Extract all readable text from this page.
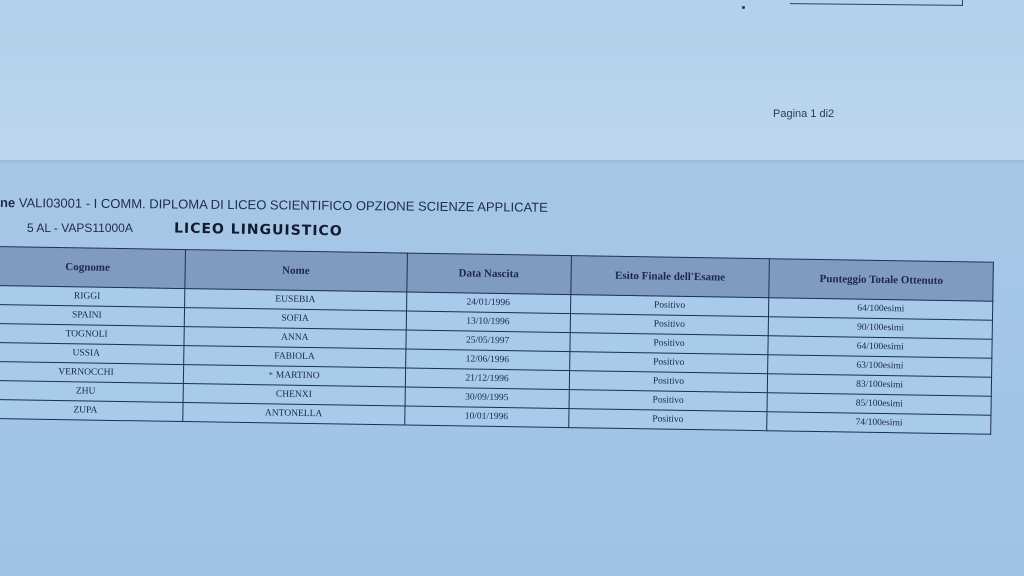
Pagina 1 di2
ne VALI03001 - I COMM. DIPLOMA DI LICEO SCIENTIFICO OPZIONE SCIENZE APPLICATE
5 AL - VAPS11000A	LICEO LINGUISTICO
Cognome	Nome	Data Nascita	Esito Finale dell'Esame	Punteggio Totale Ottenuto
RIGGI	EUSEBIA	24/01/1996	Positivo	64/100esimi
SPAINI	SOFIA	13/10/1996	Positivo	90/100esimi
TOGNOLI	ANNA	25/05/1997	Positivo	64/100esimi
USSIA	FABIOLA	12/06/1996	Positivo	63/100esimi
VERNOCCHI	* MARTINO	21/12/1996	Positivo	83/100esimi
ZHU	CHENXI	30/09/1995	Positivo	85/100esimi
ZUPA	ANTONELLA	10/01/1996	Positivo	74/100esimi
